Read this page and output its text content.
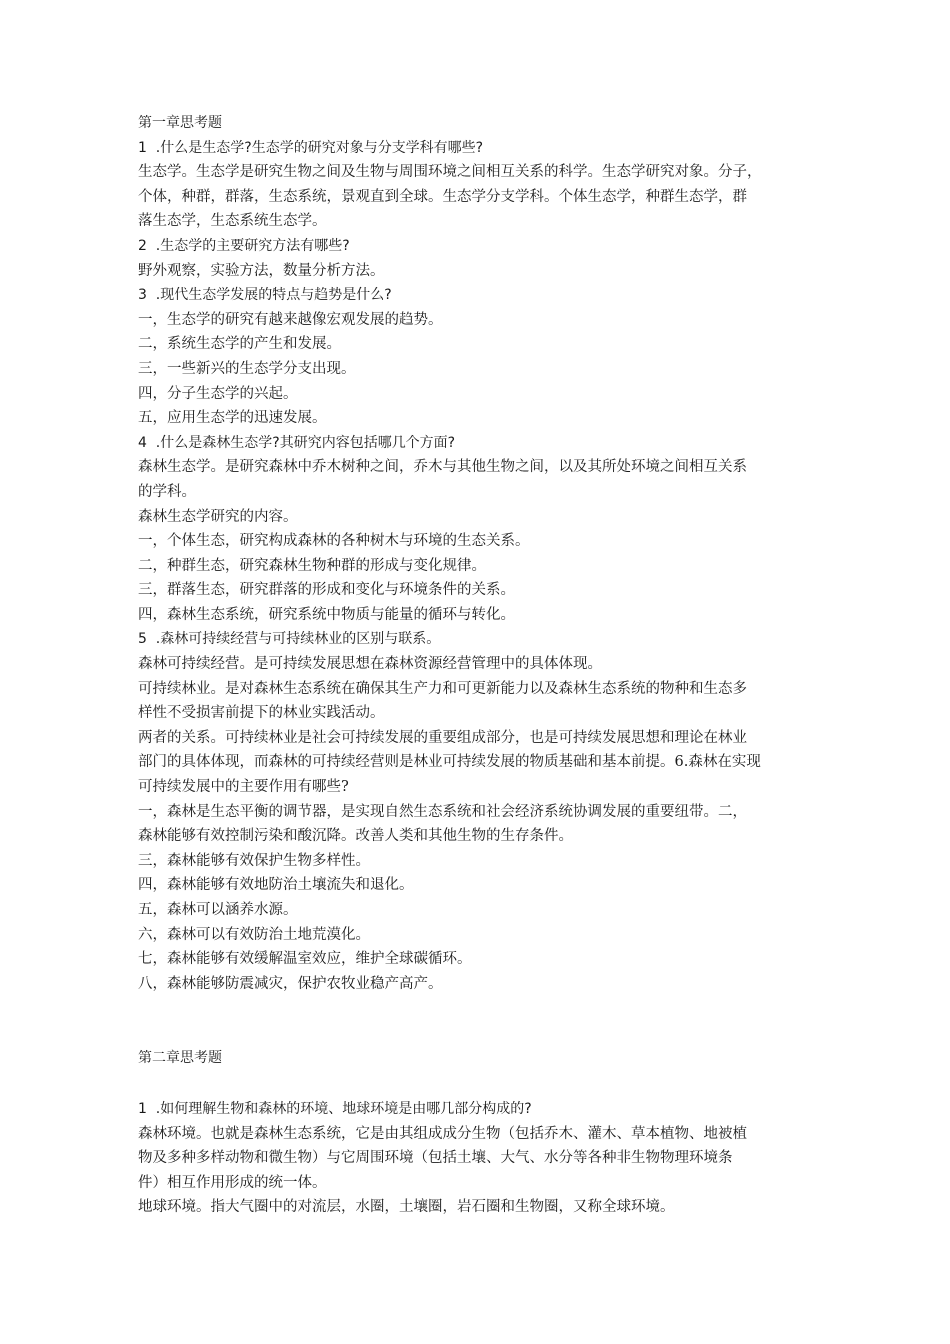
第一章思考题

1  .什么是生态学?生态学的研究对象与分支学科有哪些?

生态学。生态学是研究生物之间及生物与周围环境之间相互关系的科学。生态学研究对象。分子，

个体，种群，群落，生态系统，景观直到全球。生态学分支学科。个体生态学，种群生态学，群

落生态学，生态系统生态学。

2  .生态学的主要研究方法有哪些?

野外观察，实验方法，数量分析方法。

3  .现代生态学发展的特点与趋势是什么?

一，生态学的研究有越来越像宏观发展的趋势。

二，系统生态学的产生和发展。

三，一些新兴的生态学分支出现。

四，分子生态学的兴起。

五，应用生态学的迅速发展。

4  .什么是森林生态学?其研究内容包括哪几个方面?

森林生态学。是研究森林中乔木树种之间，乔木与其他生物之间，以及其所处环境之间相互关系

的学科。

森林生态学研究的内容。

一，个体生态，研究构成森林的各种树木与环境的生态关系。

二，种群生态，研究森林生物种群的形成与变化规律。

三，群落生态，研究群落的形成和变化与环境条件的关系。

四，森林生态系统，研究系统中物质与能量的循环与转化。

5  .森林可持续经营与可持续林业的区别与联系。

森林可持续经营。是可持续发展思想在森林资源经营管理中的具体体现。

可持续林业。是对森林生态系统在确保其生产力和可更新能力以及森林生态系统的物种和生态多

样性不受损害前提下的林业实践活动。

两者的关系。可持续林业是社会可持续发展的重要组成部分，也是可持续发展思想和理论在林业

部门的具体体现，而森林的可持续经营则是林业可持续发展的物质基础和基本前提。6.森林在实现

可持续发展中的主要作用有哪些?

一，森林是生态平衡的调节器，是实现自然生态系统和社会经济系统协调发展的重要纽带。二，

森林能够有效控制污染和酸沉降。改善人类和其他生物的生存条件。

三，森林能够有效保护生物多样性。

四，森林能够有效地防治土壤流失和退化。

五，森林可以涵养水源。

六，森林可以有效防治土地荒漠化。

七，森林能够有效缓解温室效应，维护全球碳循环。

八，森林能够防震减灾，保护农牧业稳产高产。

第二章思考题

1  .如何理解生物和森林的环境、地球环境是由哪几部分构成的?

森林环境。也就是森林生态系统，它是由其组成成分生物（包括乔木、灌木、草本植物、地被植

物及多种多样动物和微生物）与它周围环境（包括土壤、大气、水分等各种非生物物理环境条

件）相互作用形成的统一体。

地球环境。指大气圈中的对流层，水圈，土壤圈，岩石圈和生物圈，又称全球环境。
